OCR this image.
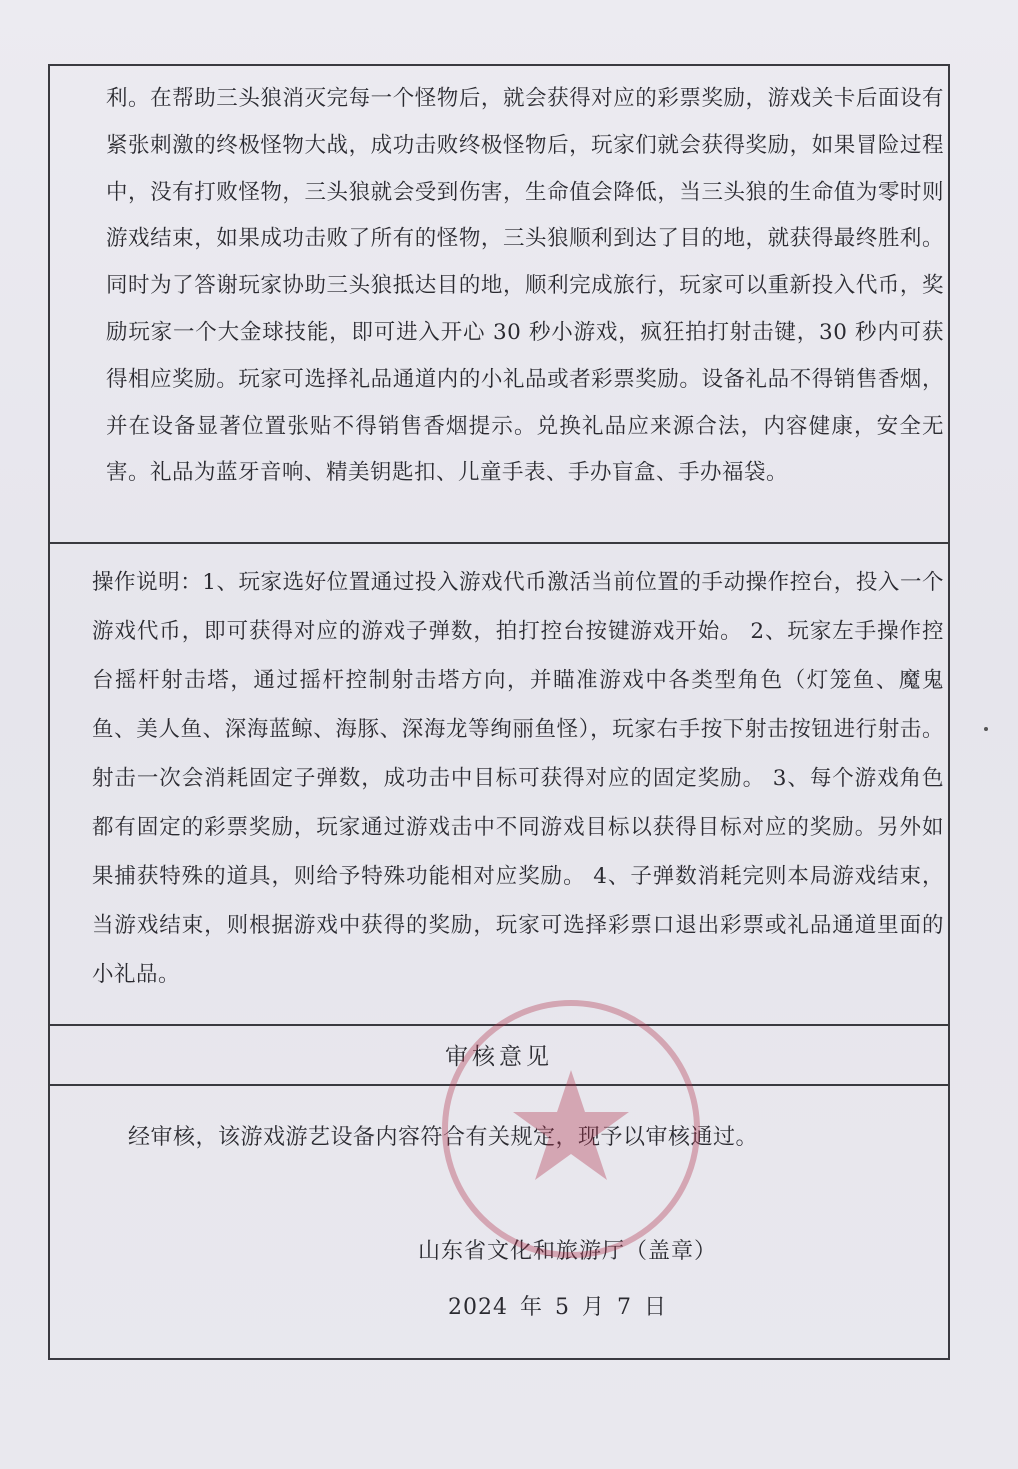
利。在帮助三头狼消灭完每一个怪物后，就会获得对应的彩票奖励，游戏关卡后面设有紧张刺激的终极怪物大战，成功击败终极怪物后，玩家们就会获得奖励，如果冒险过程中，没有打败怪物，三头狼就会受到伤害，生命值会降低，当三头狼的生命值为零时则游戏结束，如果成功击败了所有的怪物，三头狼顺利到达了目的地，就获得最终胜利。同时为了答谢玩家协助三头狼抵达目的地，顺利完成旅行，玩家可以重新投入代币，奖励玩家一个大金球技能，即可进入开心 30 秒小游戏，疯狂拍打射击键，30 秒内可获得相应奖励。玩家可选择礼品通道内的小礼品或者彩票奖励。设备礼品不得销售香烟，并在设备显著位置张贴不得销售香烟提示。兑换礼品应来源合法，内容健康，安全无害。礼品为蓝牙音响、精美钥匙扣、儿童手表、手办盲盒、手办福袋。

操作说明：1、玩家选好位置通过投入游戏代币激活当前位置的手动操作控台，投入一个游戏代币，即可获得对应的游戏子弹数，拍打控台按键游戏开始。 2、玩家左手操作控台摇杆射击塔，通过摇杆控制射击塔方向，并瞄准游戏中各类型角色（灯笼鱼、魔鬼鱼、美人鱼、深海蓝鲸、海豚、深海龙等绚丽鱼怪），玩家右手按下射击按钮进行射击。射击一次会消耗固定子弹数，成功击中目标可获得对应的固定奖励。 3、每个游戏角色都有固定的彩票奖励，玩家通过游戏击中不同游戏目标以获得目标对应的奖励。另外如果捕获特殊的道具，则给予特殊功能相对应奖励。 4、子弹数消耗完则本局游戏结束，当游戏结束，则根据游戏中获得的奖励，玩家可选择彩票口退出彩票或礼品通道里面的小礼品。

审核意见
经审核，该游戏游艺设备内容符合有关规定，现予以审核通过。
山东省文化和旅游厅（盖章）
2024 年 5 月 7 日
